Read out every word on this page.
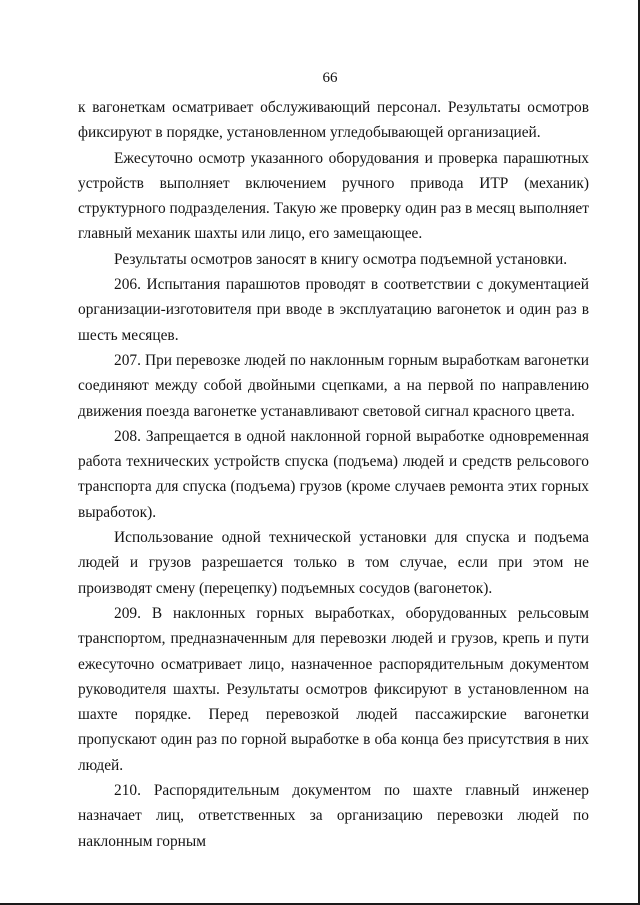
66

к вагонеткам осматривает обслуживающий персонал. Результаты осмотров фиксируют в порядке, установленном угледобывающей организацией.

Ежесуточно осмотр указанного оборудования и проверка парашютных устройств выполняет включением ручного привода ИТР (механик) структурного подразделения. Такую же проверку один раз в месяц выполняет главный механик шахты или лицо, его замещающее.

Результаты осмотров заносят в книгу осмотра подъемной установки.

206. Испытания парашютов проводят в соответствии с документацией организации-изготовителя при вводе в эксплуатацию вагонеток и один раз в шесть месяцев.

207. При перевозке людей по наклонным горным выработкам вагонетки соединяют между собой двойными сцепками, а на первой по направлению движения поезда вагонетке устанавливают световой сигнал красного цвета.

208. Запрещается в одной наклонной горной выработке одновременная работа технических устройств спуска (подъема) людей и средств рельсового транспорта для спуска (подъема) грузов (кроме случаев ремонта этих горных выработок).

Использование одной технической установки для спуска и подъема людей и грузов разрешается только в том случае, если при этом не производят смену (перецепку) подъемных сосудов (вагонеток).

209. В наклонных горных выработках, оборудованных рельсовым транспортом, предназначенным для перевозки людей и грузов, крепь и пути ежесуточно осматривает лицо, назначенное распорядительным документом руководителя шахты. Результаты осмотров фиксируют в установленном на шахте порядке. Перед перевозкой людей пассажирские вагонетки пропускают один раз по горной выработке в оба конца без присутствия в них людей.

210. Распорядительным документом по шахте главный инженер назначает лиц, ответственных за организацию перевозки людей по наклонным горным
